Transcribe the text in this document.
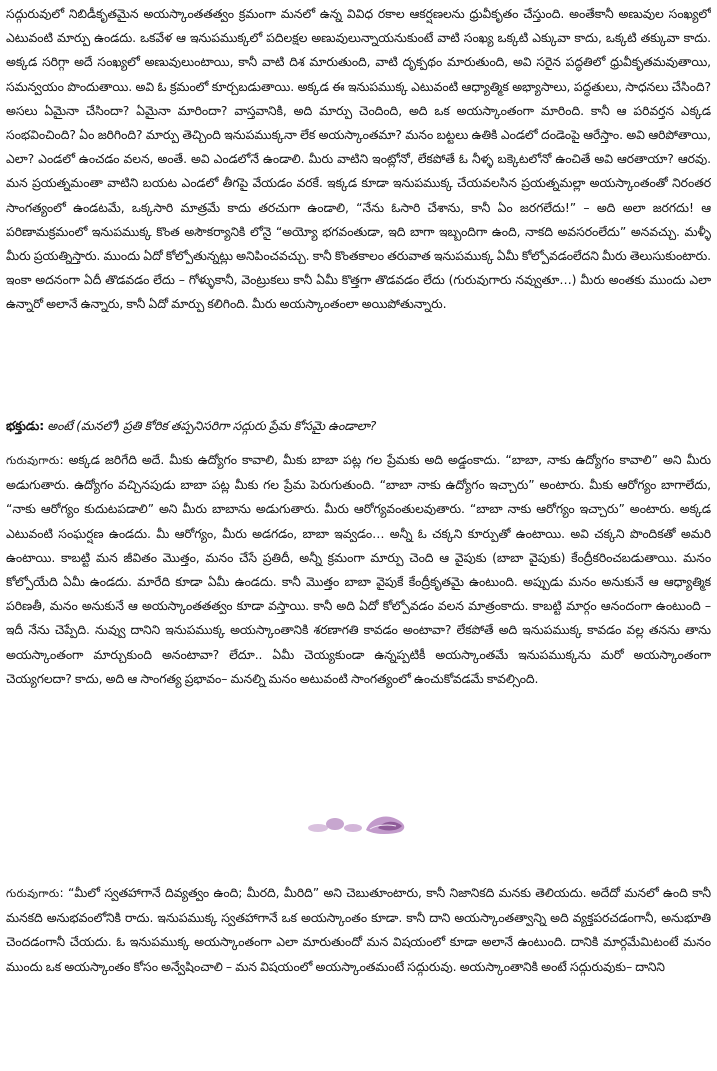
సద్గురువులో నిబిడీకృతమైన అయస్కాంతతత్వం క్రమంగా మనలో ఉన్న వివిధ రకాల ఆకర్షణలను ధ్రువీకృతం చేస్తుంది. అంతేకానీ అణువుల సంఖ్యలో ఎటువంటి మార్పు ఉండదు. ఒకవేళ ఆ ఇనుపముక్కలో పదిలక్షల అణువులున్నాయనుకుంటే వాటి సంఖ్య ఒక్కటి ఎక్కువా కాదు, ఒక్కటి తక్కువా కాదు. అక్కడ సరిగ్గా అదే సంఖ్యలో అణువులుంటాయి, కానీ వాటి దిశ మారుతుంది, వాటి దృక్పథం మారుతుంది, అవి సరైన పద్ధతిలో ధ్రువీకృతమవుతాయి, సమన్వయం పొందుతాయి. అవి ఓ క్రమంలో కూర్చబడుతాయి. అక్కడ ఈ ఇనుపముక్క ఎటువంటి ఆధ్యాత్మిక అభ్యాసాలు, పద్ధతులు, సాధనలు చేసింది? అసలు ఏమైనా చేసిందా? ఏమైనా మారిందా? వాస్తవానికి, అది మార్పు చెందింది, అది ఒక అయస్కాంతంగా మారింది. కానీ ఆ పరివర్తన ఎక్కడ సంభవించింది? ఏం జరిగింది? మార్పు తెచ్చింది ఇనుపముక్కనా లేక అయస్కాంతమా? మనం బట్టలు ఉతికి ఎండలో దండెంపై ఆరేస్తాం. అవి ఆరిపోతాయి, ఎలా? ఎండలో ఉంచడం వలన, అంతే. అవి ఎండలోనే ఉండాలి. మీరు వాటిని ఇంట్లోనో, లేకపోతే ఓ నీళ్ళ బక్కెటలోనో ఉంచితే అవి ఆరతాయా? ఆరవు. మన ప్రయత్నమంతా వాటిని బయట ఎండలో తీగపై వేయడం వరకే. ఇక్కడ కూడా ఇనుపముక్క చేయవలసిన ప్రయత్నమల్లా అయస్కాంతంతో నిరంతర సాంగత్యంలో ఉండటమే, ఒక్కసారి మాత్రమే కాదు తరచుగా ఉండాలి, “నేను ఓసారి చేశాను, కానీ ఏం జరగలేదు!” – అది అలా జరగదు! ఆ పరిణామక్రమంలో ఇనుపముక్క కొంత అసౌకర్యానికి లోనై “అయ్యో భగవంతుడా, ఇది బాగా ఇబ్బందిగా ఉంది, నాకది అవసరంలేదు” అనవచ్చు. మళ్ళీ మీరు ప్రయత్నిస్తారు. ముందు ఏదో కోల్పోతున్నట్లు అనిపించవచ్చు. కానీ కొంతకాలం తరువాత ఇనుపముక్క ఏమీ కోల్పోవడంలేదని మీరు తెలుసుకుంటారు. ఇంకా అదనంగా ఏదీ తొడవడం లేదు – గోళ్ళుకానీ, వెంట్రుకలు కానీ ఏమీ కొత్తగా తొడవడం లేదు (గురువుగారు నవ్వుతూ…) మీరు అంతకు ముందు ఎలా ఉన్నారో అలానే ఉన్నారు, కానీ ఏదో మార్పు కలిగింది. మీరు అయస్కాంతంలా అయిపోతున్నారు.

భక్తుడు: అంటే (మనలో) ప్రతి కోరిక తప్పనిసరిగా సద్గురు ప్రేమ కోసమై ఉండాలా?

గురువుగారు: అక్కడ జరిగేది అదే. మీకు ఉద్యోగం కావాలి, మీకు బాబా పట్ల గల ప్రేమకు అది అడ్డంకాదు. “బాబా, నాకు ఉద్యోగం కావాలి” అని మీరు అడుగుతారు. ఉద్యోగం వచ్చినపుడు బాబా పట్ల మీకు గల ప్రేమ పెరుగుతుంది. “బాబా నాకు ఉద్యోగం ఇచ్చారు” అంటారు. మీకు ఆరోగ్యం బాగాలేదు, “నాకు ఆరోగ్యం కుదుటపడాలి” అని మీరు బాబాను అడుగుతారు. మీరు ఆరోగ్యవంతులవుతారు. “బాబా నాకు ఆరోగ్యం ఇచ్చారు” అంటారు. అక్కడ ఎటువంటి సంఘర్షణ ఉండదు. మీ ఆరోగ్యం, మీరు అడగడం, బాబా ఇవ్వడం… అన్నీ ఓ చక్కని కూర్పుతో ఉంటాయి. అవి చక్కని పొందికతో అమరి ఉంటాయి. కాబట్టి మన జీవితం మొత్తం, మనం చేసే ప్రతిదీ, అన్నీ క్రమంగా మార్పు చెంది ఆ వైపుకు (బాబా వైపుకు) కేంద్రీకరించబడుతాయి. మనం కోల్పోయేది ఏమీ ఉండదు. మారేది కూడా ఏమీ ఉండదు. కానీ మొత్తం బాబా వైపుకే కేంద్రీకృతమై ఉంటుంది. అప్పుడు మనం అనుకునే ఆ ఆధ్యాత్మిక పరిణతీ, మనం అనుకునే ఆ అయస్కాంతతత్వం కూడా వస్తాయి. కానీ అది ఏదో కోల్పోవడం వలన మాత్రంకాదు. కాబట్టి మార్గం ఆనందంగా ఉంటుంది – ఇదీ నేను చెప్పేది. నువ్వు దానిని ఇనుపముక్క అయస్కాంతానికి శరణాగతి కావడం అంటావా? లేకపోతే అది ఇనుపముక్క కావడం వల్ల తనను తాను అయస్కాంతంగా మార్చుకుంది అనంటావా? లేదూ.. ఏమీ చెయ్యకుండా ఉన్నప్పటికీ అయస్కాంతమే ఇనుపముక్కను మరో అయస్కాంతంగా చెయ్యగలదా? కాదు, అది ఆ సాంగత్య ప్రభావం– మనల్ని మనం అటువంటి సాంగత్యంలో ఉంచుకోవడమే కావల్సింది.

గురువుగారు: “మీలో స్వతహాగానే దివ్యత్వం ఉంది; మీరది, మీరిది” అని చెబుతూంటారు, కానీ నిజానికది మనకు తెలియదు. అదేదో మనలో ఉంది కానీ మనకది అనుభవంలోనికి రాదు. ఇనుపముక్క స్వతహాగానే ఒక అయస్కాంతం కూడా. కానీ దాని అయస్కాంతత్వాన్ని అది వ్యక్తపరచడంగానీ, అనుభూతి చెందడంగానీ చేయదు. ఓ ఇనుపముక్క అయస్కాంతంగా ఎలా మారుతుందో మన విషయంలో కూడా అలానే ఉంటుంది. దానికి మార్గమేమిటంటే మనం ముందు ఒక అయస్కాంతం కోసం అన్వేషించాలి – మన విషయంలో అయస్కాంతమంటే సద్గురువు. అయస్కాంతానికి అంటే సద్గురువుకు– దానిని
